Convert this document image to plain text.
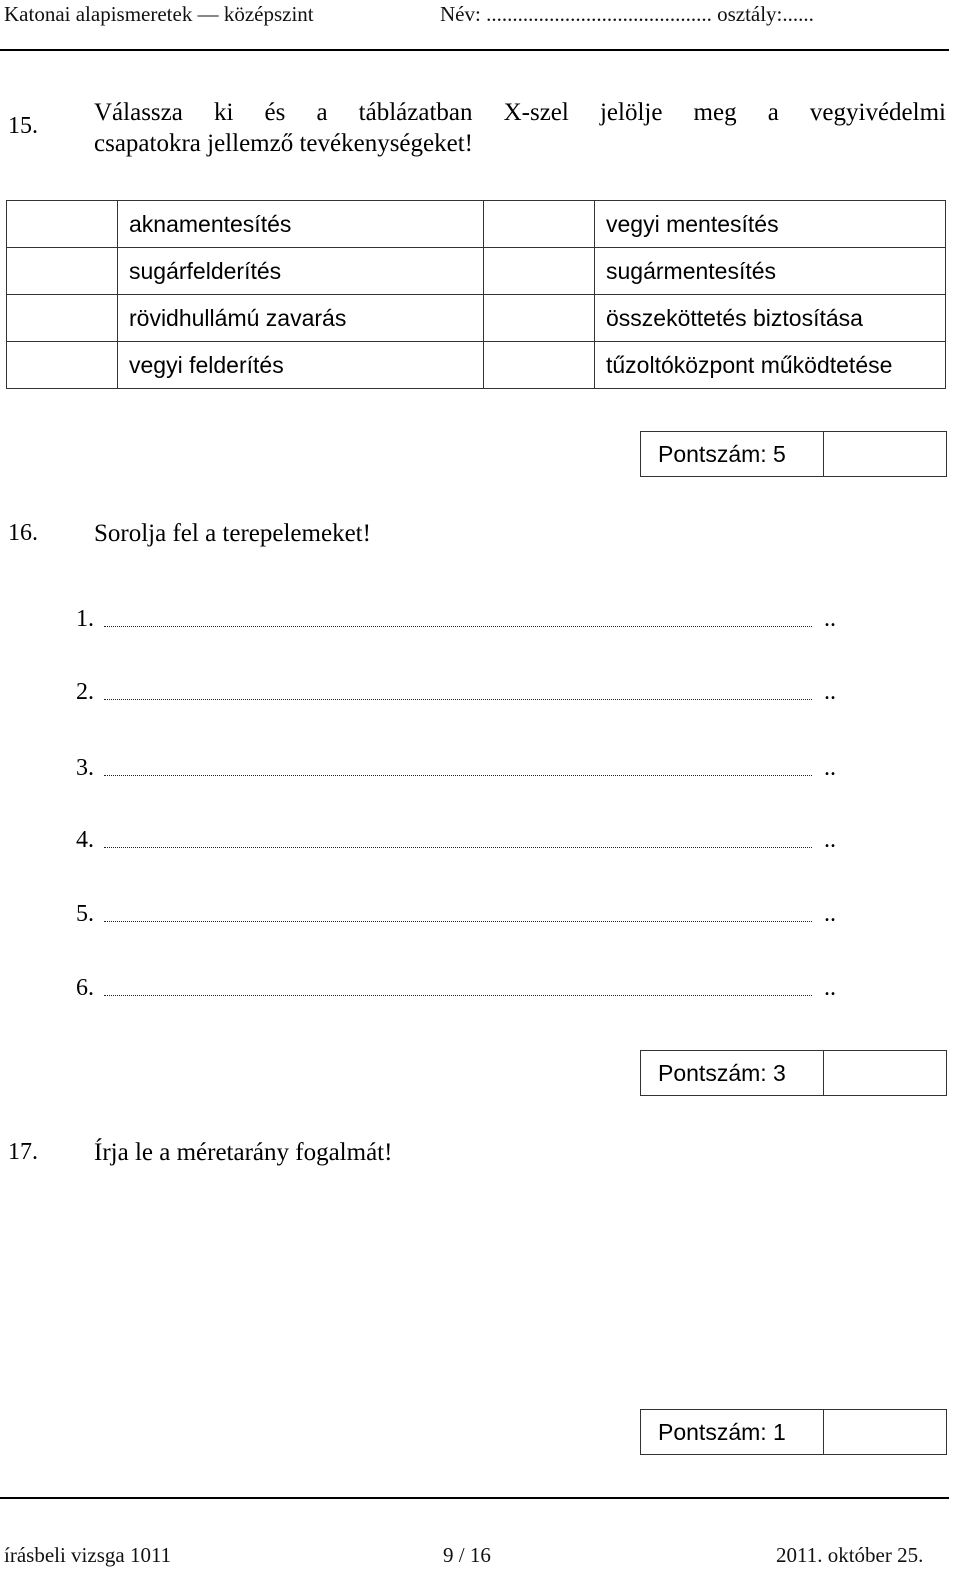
Katonai alapismeretek — középszint	Név: ........................................... osztály:......
15. Válassza ki és a táblázatban X-szel jelölje meg a vegyivédelmi
csapatokra jellemző tevékenységeket!
	aknamentesítés		vegyi mentesítés
	sugárfelderítés		sugármentesítés
	rövidhullámú zavarás		összeköttetés biztosítása
	vegyi felderítés		tűzoltóközpont működtetése
Pontszám: 5
16. Sorolja fel a terepelemeket!
1.	..
2.	..
3.	..
4.	..
5.	..
6.	..
Pontszám: 3
17. Írja le a méretarány fogalmát!
Pontszám: 1
írásbeli vizsga 1011	9 / 16	2011. október 25.
